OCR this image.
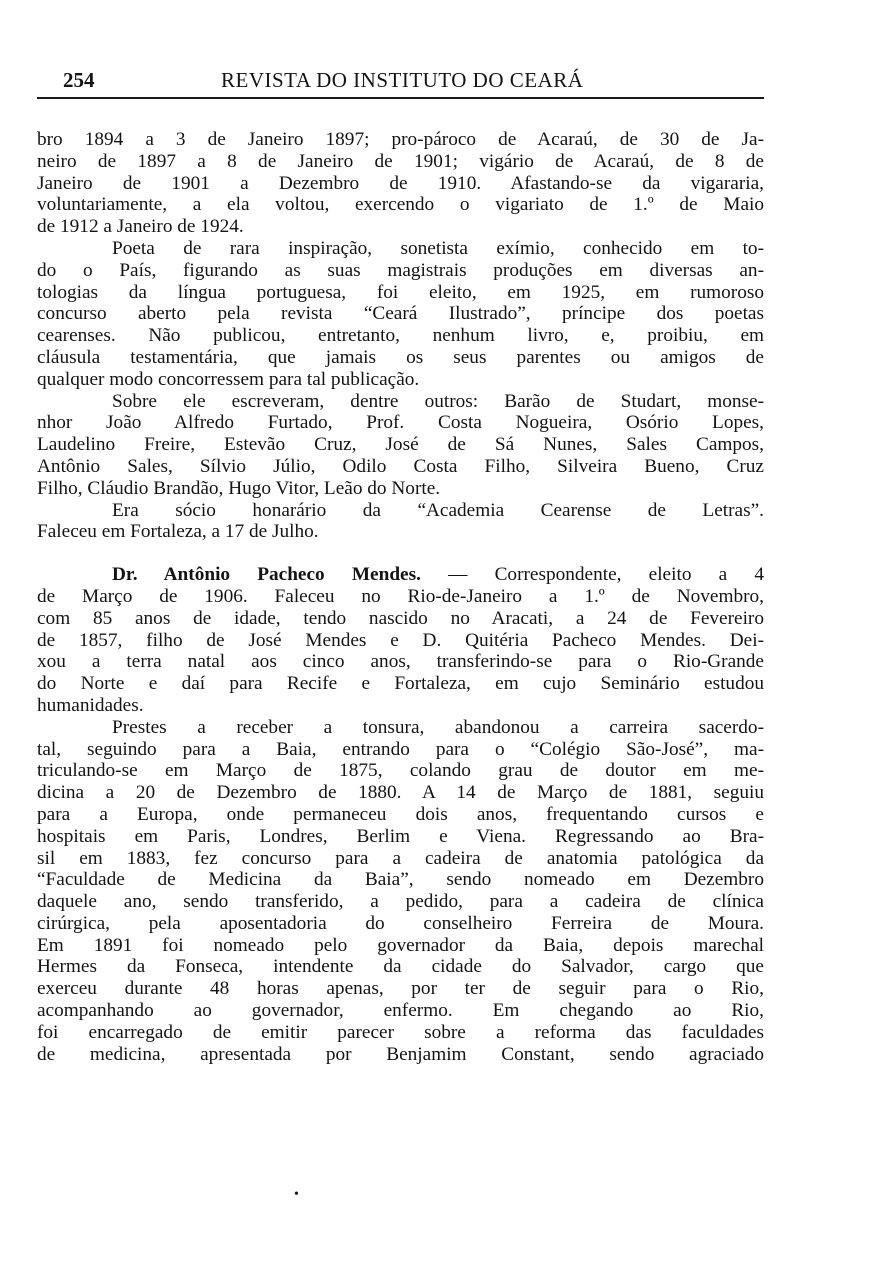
254	REVISTA DO INSTITUTO DO CEARÁ
bro 1894 a 3 de Janeiro 1897; pro-pároco de Acaraú, de 30 de Ja-
neiro de 1897 a 8 de Janeiro de 1901; vigário de Acaraú, de 8 de
Janeiro de 1901 a Dezembro de 1910. Afastando-se da vigararia,
voluntariamente, a ela voltou, exercendo o vigariato de 1.º de Maio
de 1912 a Janeiro de 1924.
Poeta de rara inspiração, sonetista exímio, conhecido em to-
do o País, figurando as suas magistrais produções em diversas an-
tologias da língua portuguesa, foi eleito, em 1925, em rumoroso
concurso aberto pela revista “Ceará Ilustrado”, príncipe dos poetas
cearenses. Não publicou, entretanto, nenhum livro, e, proibiu, em
cláusula testamentária, que jamais os seus parentes ou amigos de
qualquer modo concorressem para tal publicação.
Sobre ele escreveram, dentre outros: Barão de Studart, monse-
nhor João Alfredo Furtado, Prof. Costa Nogueira, Osório Lopes,
Laudelino Freire, Estevão Cruz, José de Sá Nunes, Sales Campos,
Antônio Sales, Sílvio Júlio, Odilo Costa Filho, Silveira Bueno, Cruz
Filho, Cláudio Brandão, Hugo Vitor, Leão do Norte.
Era sócio honarário da “Academia Cearense de Letras”.
Faleceu em Fortaleza, a 17 de Julho.
Dr. Antônio Pacheco Mendes. — Correspondente, eleito a 4
de Março de 1906. Faleceu no Rio-de-Janeiro a 1.º de Novembro,
com 85 anos de idade, tendo nascido no Aracati, a 24 de Fevereiro
de 1857, filho de José Mendes e D. Quitéria Pacheco Mendes. Dei-
xou a terra natal aos cinco anos, transferindo-se para o Rio-Grande
do Norte e daí para Recife e Fortaleza, em cujo Seminário estudou
humanidades.
Prestes a receber a tonsura, abandonou a carreira sacerdo-
tal, seguindo para a Baia, entrando para o “Colégio São-José”, ma-
triculando-se em Março de 1875, colando grau de doutor em me-
dicina a 20 de Dezembro de 1880. A 14 de Março de 1881, seguiu
para a Europa, onde permaneceu dois anos, frequentando cursos e
hospitais em Paris, Londres, Berlim e Viena. Regressando ao Bra-
sil em 1883, fez concurso para a cadeira de anatomia patológica da
“Faculdade de Medicina da Baia”, sendo nomeado em Dezembro
daquele ano, sendo transferido, a pedido, para a cadeira de clínica
cirúrgica, pela aposentadoria do conselheiro Ferreira de Moura.
Em 1891 foi nomeado pelo governador da Baia, depois marechal
Hermes da Fonseca, intendente da cidade do Salvador, cargo que
exerceu durante 48 horas apenas, por ter de seguir para o Rio,
acompanhando ao governador, enfermo. Em chegando ao Rio,
foi encarregado de emitir parecer sobre a reforma das faculdades
de medicina, apresentada por Benjamim Constant, sendo agraciado
•
